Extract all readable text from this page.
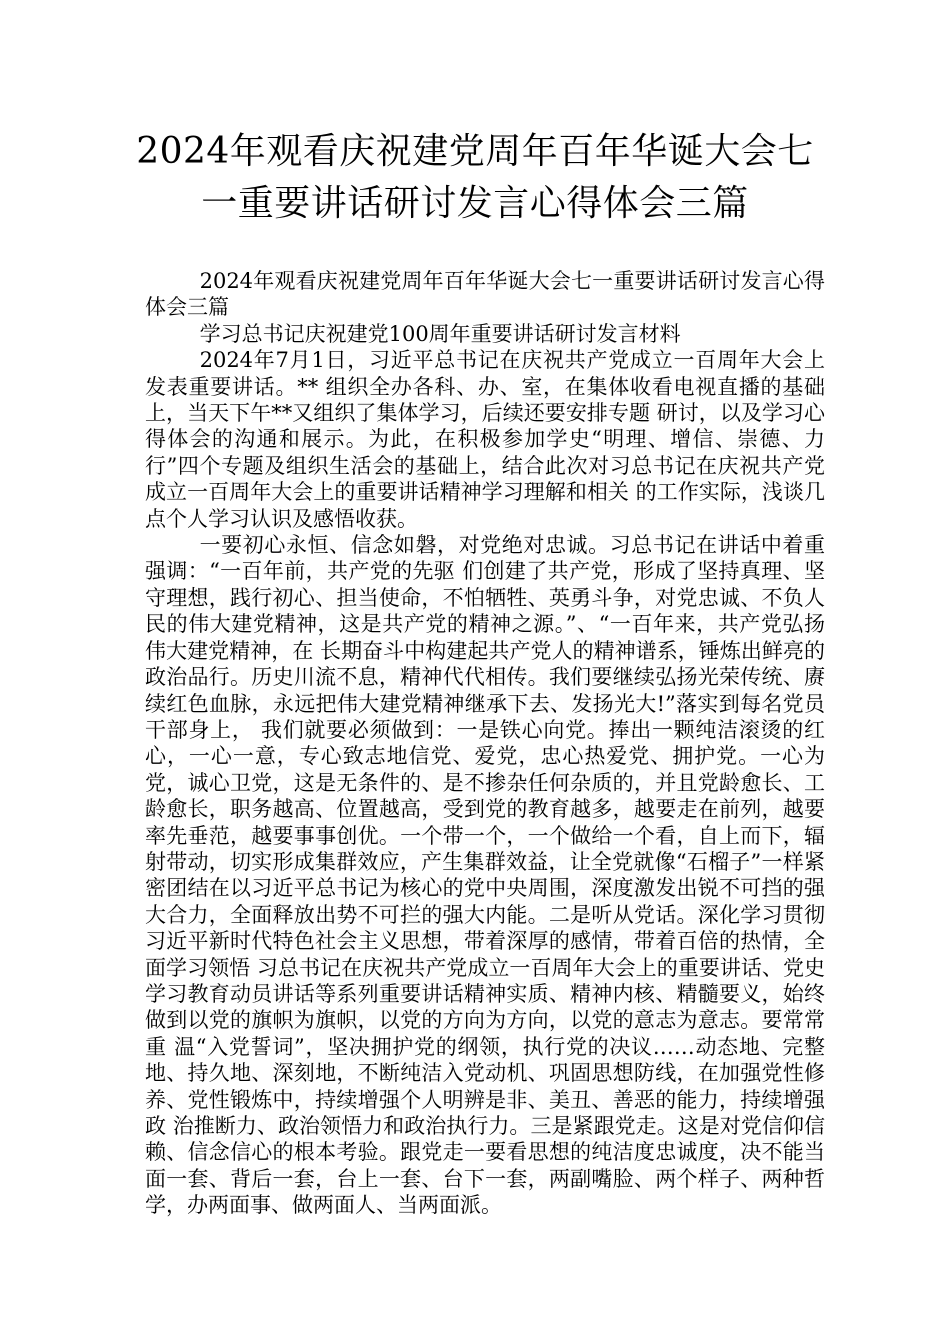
2024年观看庆祝建党周年百年华诞大会七一重要讲话研讨发言心得体会三篇

2024年观看庆祝建党周年百年华诞大会七一重要讲话研讨发言心得体会三篇

学习总书记庆祝建党100周年重要讲话研讨发言材料

2024年7月1日，习近平总书记在庆祝共产党成立一百周年大会上发表重要讲话。** 组织全办各科、办、室，在集体收看电视直播的基础上，当天下午**又组织了集体学习，后续还要安排专题 研讨，以及学习心得体会的沟通和展示。为此，在积极参加学史“明理、增信、崇德、力行”四个专题及组织生活会的基础上，结合此次对习总书记在庆祝共产党成立一百周年大会上的重要讲话精神学习理解和相关 的工作实际，浅谈几点个人学习认识及感悟收获。

一要初心永恒、信念如磐，对党绝对忠诚。习总书记在讲话中着重强调：“一百年前，共产党的先驱 们创建了共产党，形成了坚持真理、坚守理想，践行初心、担当使命，不怕牺牲、英勇斗争，对党忠诚、不负人民的伟大建党精神，这是共产党的精神之源。”、“一百年来，共产党弘扬伟大建党精神，在 长期奋斗中构建起共产党人的精神谱系，锤炼出鲜亮的政治品行。历史川流不息，精神代代相传。我们要继续弘扬光荣传统、赓续红色血脉，永远把伟大建党精神继承下去、发扬光大!”落实到每名党员干部身上， 我们就要必须做到：一是铁心向党。捧出一颗纯洁滚烫的红心，一心一意，专心致志地信党、爱党，忠心热爱党、拥护党。一心为党，诚心卫党，这是无条件的、是不掺杂任何杂质的，并且党龄愈长、工龄愈长，职务越高、位置越高，受到党的教育越多，越要走在前列，越要率先垂范，越要事事创优。一个带一个，一个做给一个看，自上而下，辐射带动，切实形成集群效应，产生集群效益，让全党就像“石榴子”一样紧密团结在以习近平总书记为核心的党中央周围，深度激发出锐不可挡的强大合力，全面释放出势不可拦的强大内能。二是听从党话。深化学习贯彻习近平新时代特色社会主义思想，带着深厚的感情，带着百倍的热情，全面学习领悟 习总书记在庆祝共产党成立一百周年大会上的重要讲话、党史学习教育动员讲话等系列重要讲话精神实质、精神内核、精髓要义，始终做到以党的旗帜为旗帜，以党的方向为方向，以党的意志为意志。要常常重 温“入党誓词”，坚决拥护党的纲领，执行党的决议……动态地、完整地、持久地、深刻地，不断纯洁入党动机、巩固思想防线，在加强党性修养、党性锻炼中，持续增强个人明辨是非、美丑、善恶的能力，持续增强政 治推断力、政治领悟力和政治执行力。三是紧跟党走。这是对党信仰信赖、信念信心的根本考验。跟党走一要看思想的纯洁度忠诚度，决不能当面一套、背后一套，台上一套、台下一套，两副嘴脸、两个样子、两种哲 学，办两面事、做两面人、当两面派。
